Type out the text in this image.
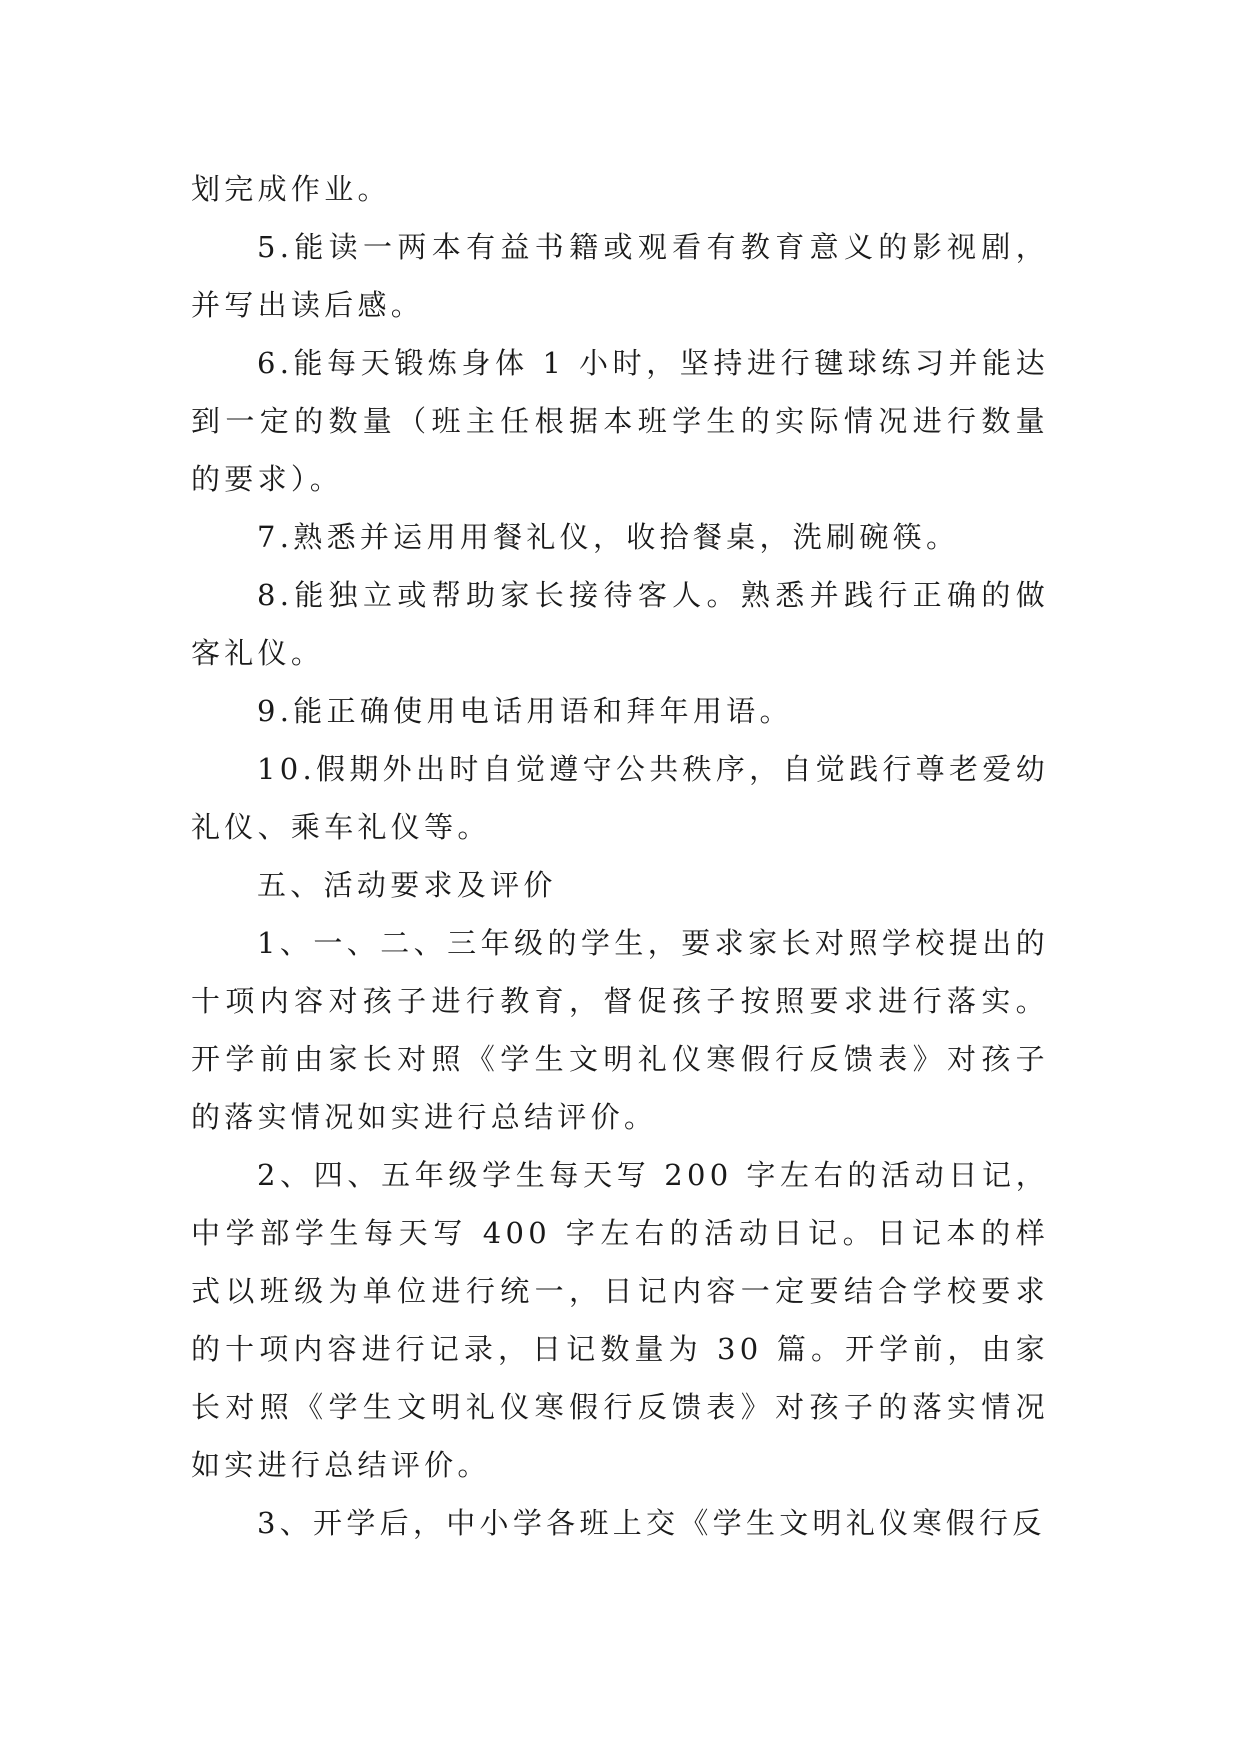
划完成作业。

5.能读一两本有益书籍或观看有教育意义的影视剧，并写出读后感。

6.能每天锻炼身体 1 小时，坚持进行毽球练习并能达到一定的数量（班主任根据本班学生的实际情况进行数量的要求）。

7.熟悉并运用用餐礼仪，收拾餐桌，洗刷碗筷。

8.能独立或帮助家长接待客人。熟悉并践行正确的做客礼仪。

9.能正确使用电话用语和拜年用语。

10.假期外出时自觉遵守公共秩序，自觉践行尊老爱幼礼仪、乘车礼仪等。

五、活动要求及评价

1、一、二、三年级的学生，要求家长对照学校提出的十项内容对孩子进行教育，督促孩子按照要求进行落实。开学前由家长对照《学生文明礼仪寒假行反馈表》对孩子的落实情况如实进行总结评价。

2、四、五年级学生每天写 200 字左右的活动日记，中学部学生每天写 400 字左右的活动日记。日记本的样式以班级为单位进行统一，日记内容一定要结合学校要求的十项内容进行记录，日记数量为 30 篇。开学前，由家长对照《学生文明礼仪寒假行反馈表》对孩子的落实情况如实进行总结评价。

3、开学后，中小学各班上交《学生文明礼仪寒假行反
